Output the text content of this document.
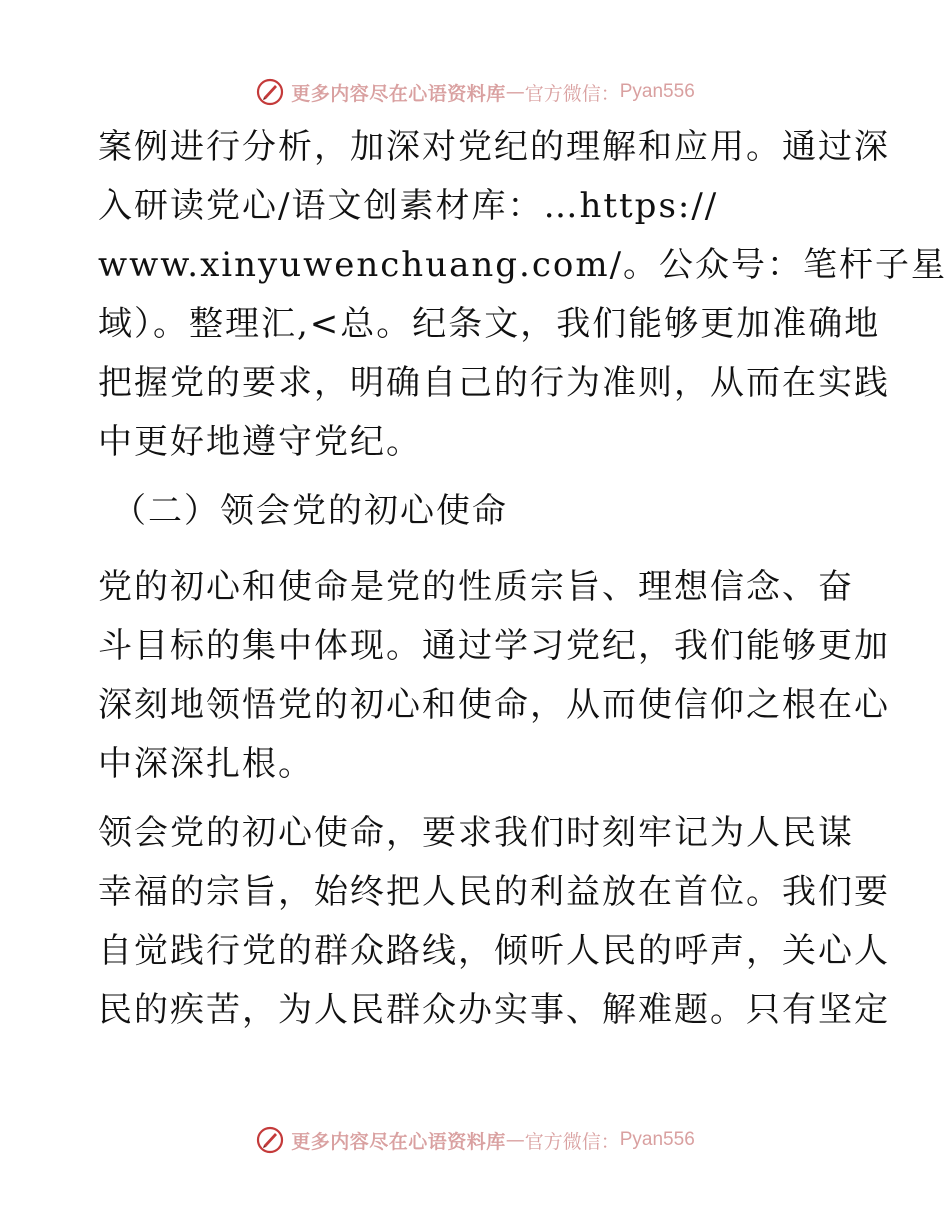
更多内容尽在心语资料库 — 官方微信： Pyan556
案例进行分析，加深对党纪的理解和应用。通过深
入研读党心/语文创素材库：…https://
www.xinyuwenchuang.com/。公众号：笔杆子星
域）。整理汇,<总。纪条文，我们能够更加准确地
把握党的要求，明确自己的行为准则，从而在实践
中更好地遵守党纪。
（二）领会党的初心使命
党的初心和使命是党的性质宗旨、理想信念、奋
斗目标的集中体现。通过学习党纪，我们能够更加
深刻地领悟党的初心和使命，从而使信仰之根在心
中深深扎根。
领会党的初心使命，要求我们时刻牢记为人民谋
幸福的宗旨，始终把人民的利益放在首位。我们要
自觉践行党的群众路线，倾听人民的呼声，关心人
民的疾苦，为人民群众办实事、解难题。只有坚定
更多内容尽在心语资料库 — 官方微信： Pyan556
